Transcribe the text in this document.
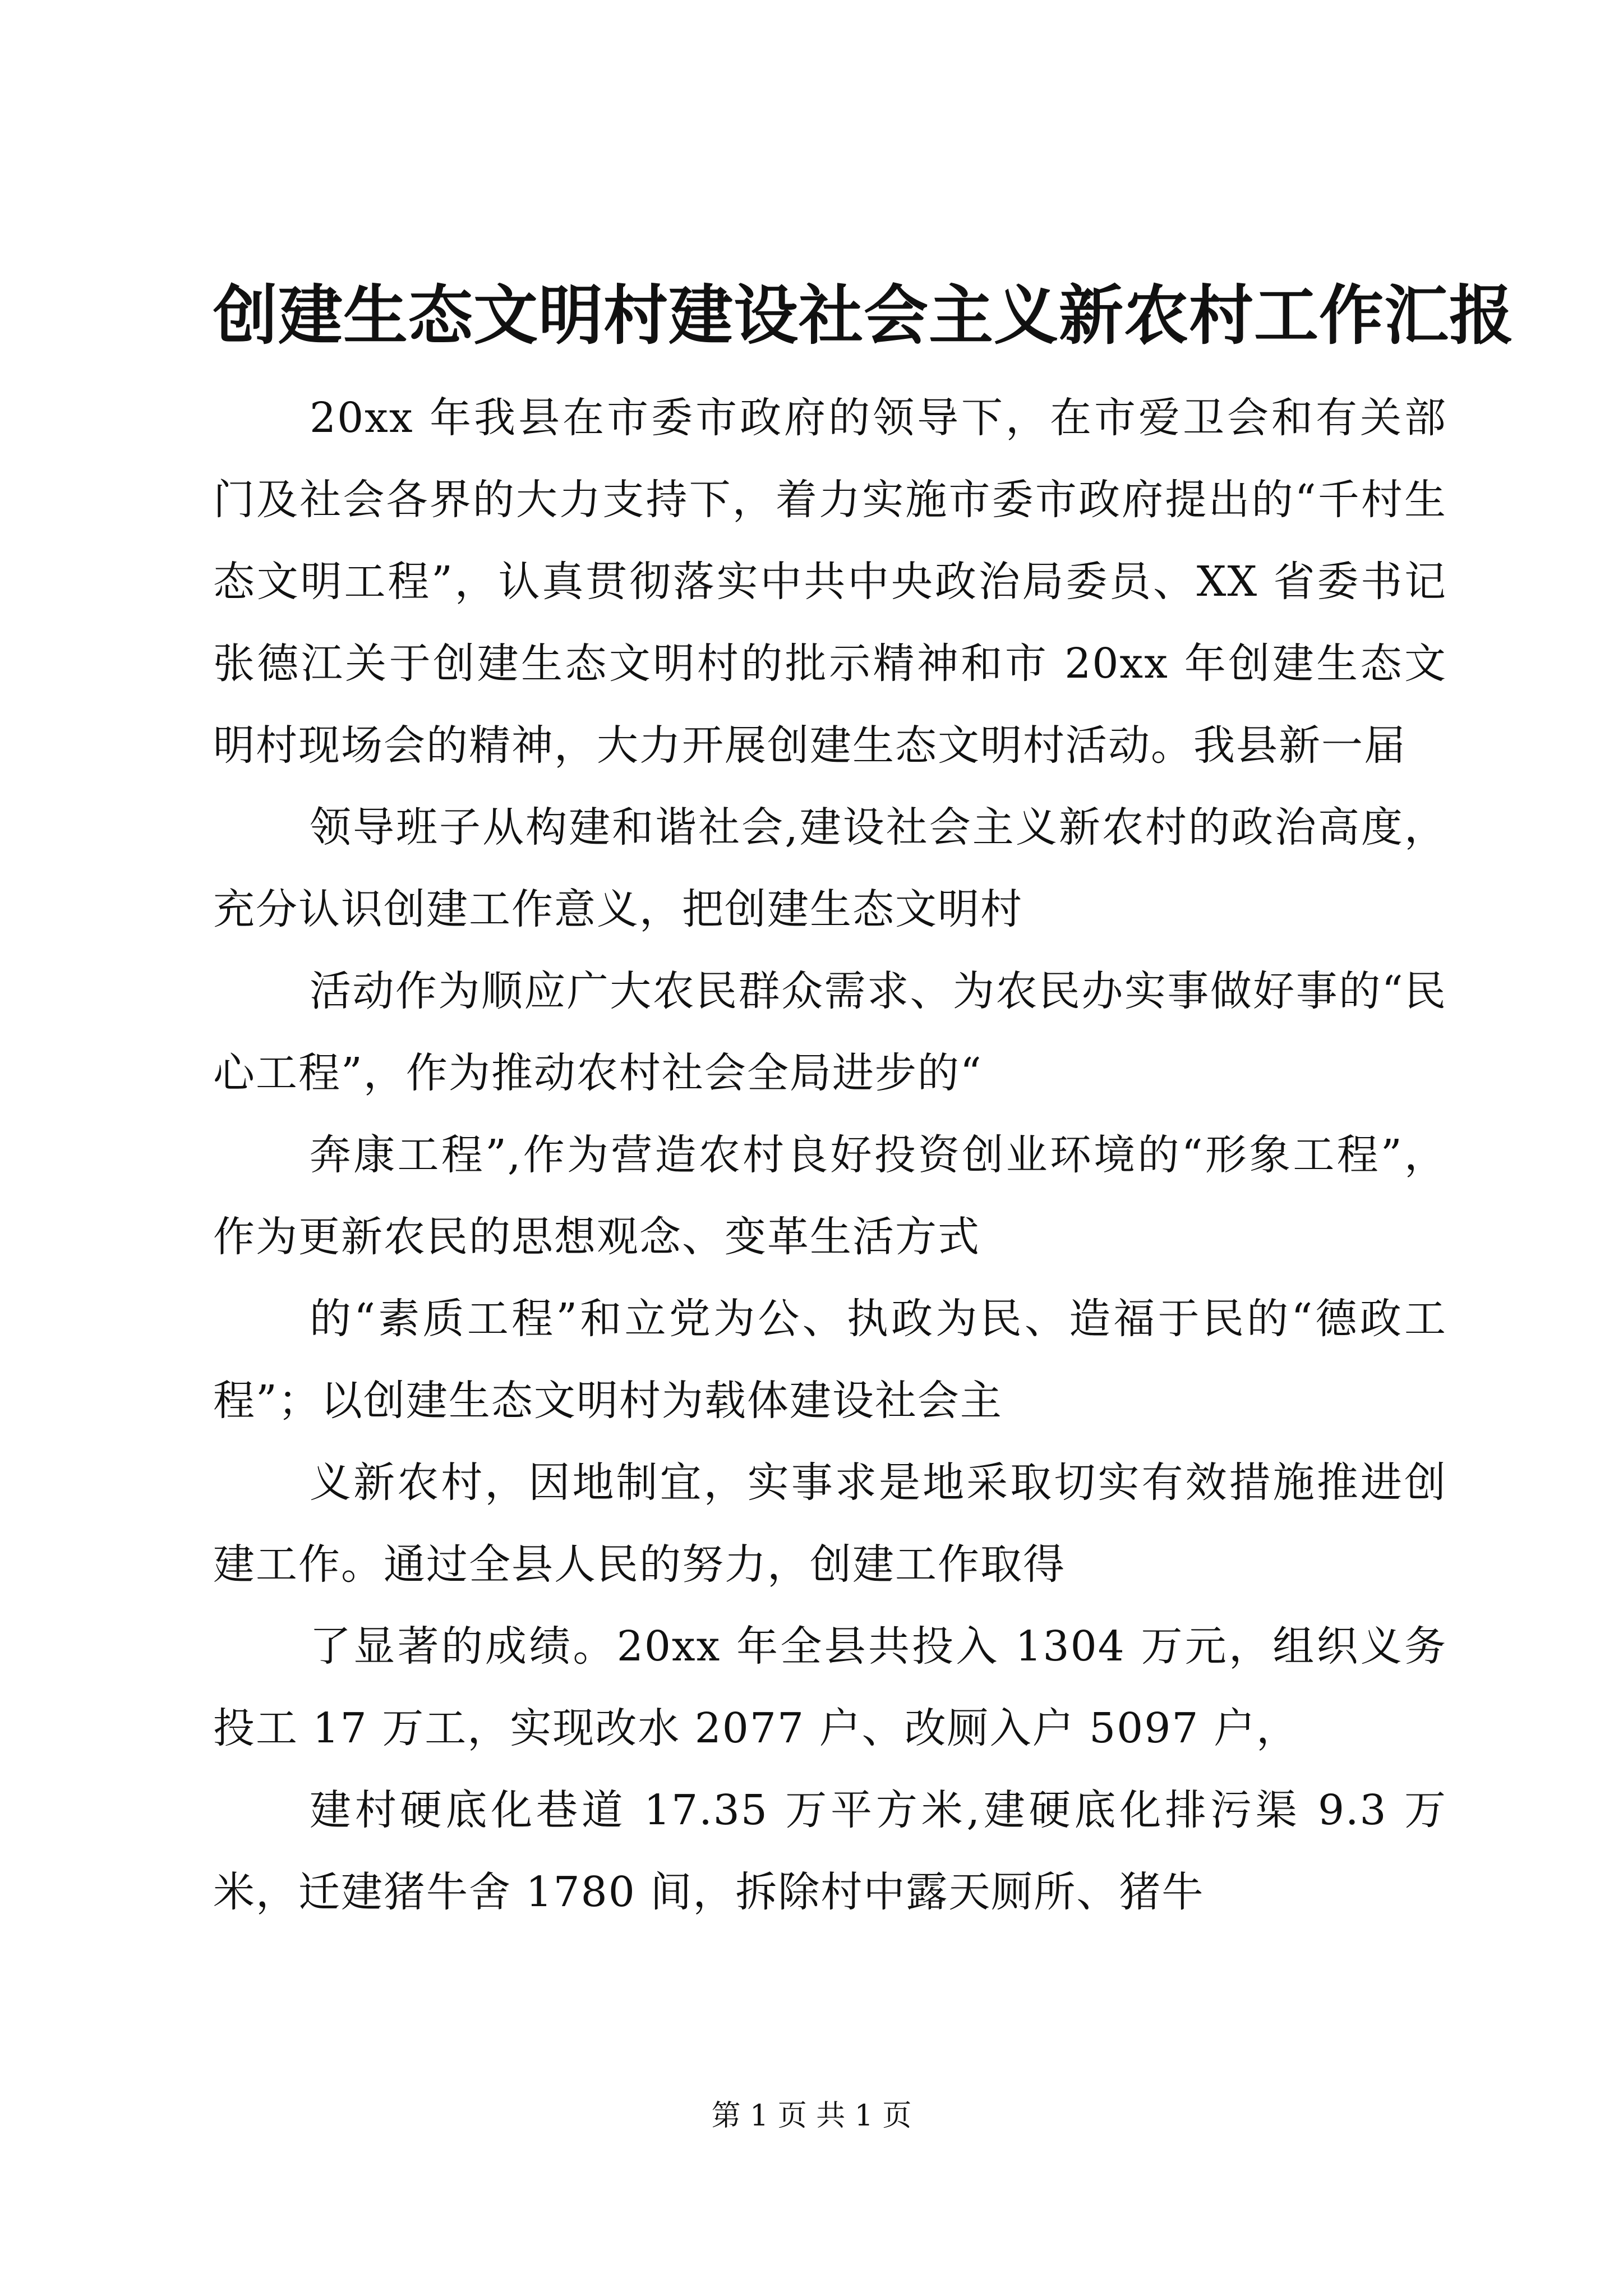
创建生态文明村建设社会主义新农村工作汇报

20xx 年我县在市委市政府的领导下，在市爱卫会和有关部门及社会各界的大力支持下，着力实施市委市政府提出的“千村生态文明工程”，认真贯彻落实中共中央政治局委员、XX 省委书记张德江关于创建生态文明村的批示精神和市 20xx 年创建生态文明村现场会的精神，大力开展创建生态文明村活动。我县新一届

领导班子从构建和谐社会,建设社会主义新农村的政治高度，充分认识创建工作意义，把创建生态文明村

活动作为顺应广大农民群众需求、为农民办实事做好事的“民心工程”，作为推动农村社会全局进步的“

奔康工程”,作为营造农村良好投资创业环境的“形象工程”，作为更新农民的思想观念、变革生活方式

的“素质工程”和立党为公、执政为民、造福于民的“德政工程”；以创建生态文明村为载体建设社会主

义新农村，因地制宜，实事求是地采取切实有效措施推进创建工作。通过全县人民的努力，创建工作取得

了显著的成绩。20xx 年全县共投入 1304 万元，组织义务投工 17 万工，实现改水 2077 户、改厕入户 5097 户，

建村硬底化巷道 17.35 万平方米,建硬底化排污渠 9.3 万米，迁建猪牛舍 1780 间，拆除村中露天厕所、猪牛

第 1 页 共 1 页
